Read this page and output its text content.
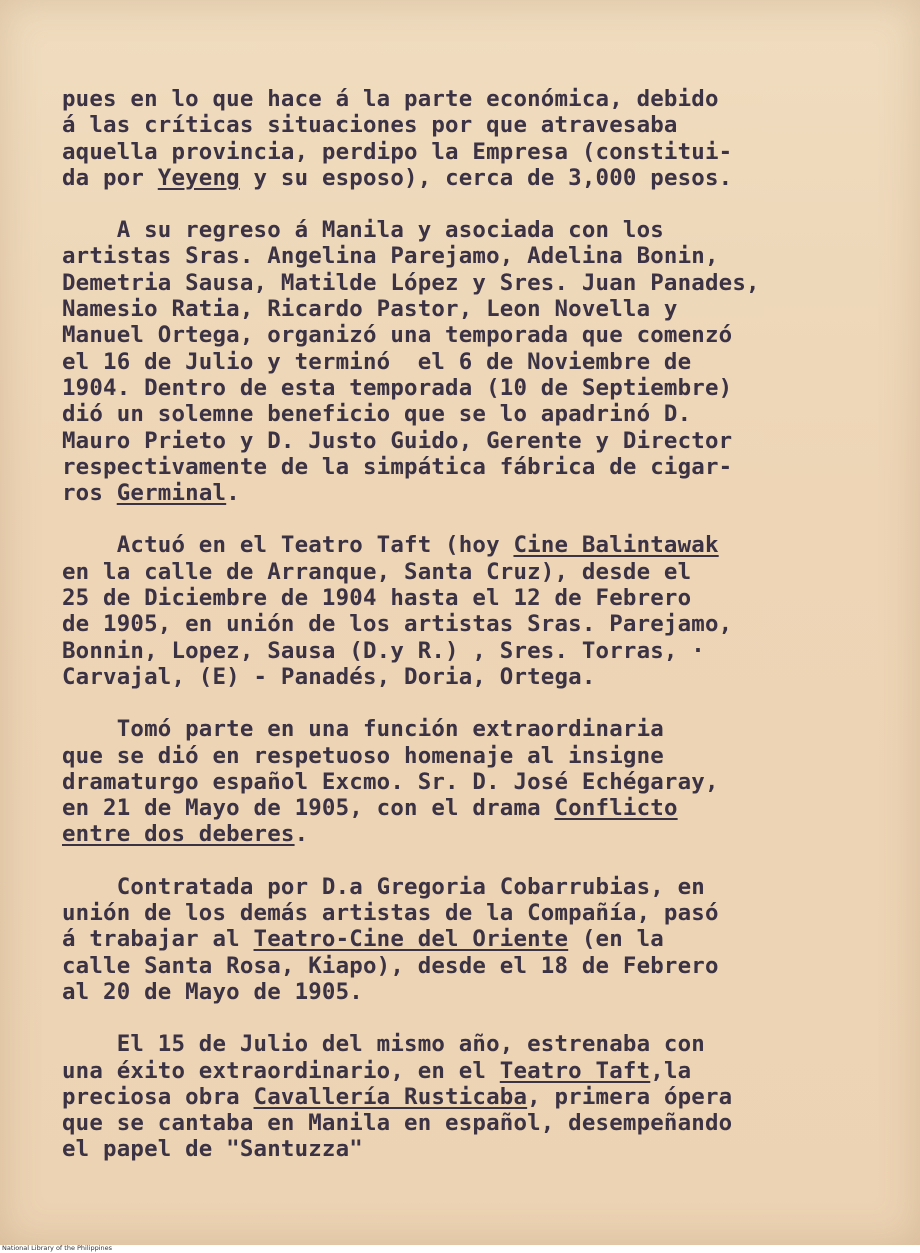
pues en lo que hace á la parte económica, debido
á las críticas situaciones por que atravesaba
aquella provincia, perdipo la Empresa (constitui-
da por Yeyeng y su esposo), cerca de 3,000 pesos.
A su regreso á Manila y asociada con los
artistas Sras. Angelina Parejamo, Adelina Bonin,
Demetria Sausa, Matilde López y Sres. Juan Panades,
Namesio Ratia, Ricardo Pastor, Leon Novella y
Manuel Ortega, organizó una temporada que comenzó
el 16 de Julio y terminó  el 6 de Noviembre de
1904. Dentro de esta temporada (10 de Septiembre)
dió un solemne beneficio que se lo apadrinó D.
Mauro Prieto y D. Justo Guido, Gerente y Director
respectivamente de la simpática fábrica de cigar-
ros Germinal.
Actuó en el Teatro Taft (hoy Cine Balintawak
en la calle de Arranque, Santa Cruz), desde el
25 de Diciembre de 1904 hasta el 12 de Febrero
de 1905, en unión de los artistas Sras. Parejamo,
Bonnin, Lopez, Sausa (D.y R.) , Sres. Torras, ·
Carvajal, (E) - Panadés, Doria, Ortega.
Tomó parte en una función extraordinaria
que se dió en respetuoso homenaje al insigne
dramaturgo español Excmo. Sr. D. José Echégaray,
en 21 de Mayo de 1905, con el drama Conflicto
entre dos deberes.
Contratada por D.a Gregoria Cobarrubias, en
unión de los demás artistas de la Compañía, pasó
á trabajar al Teatro-Cine del Oriente (en la
calle Santa Rosa, Kiapo), desde el 18 de Febrero
al 20 de Mayo de 1905.
El 15 de Julio del mismo año, estrenaba con
una éxito extraordinario, en el Teatro Taft,la
preciosa obra Cavallería Rusticaba, primera ópera
que se cantaba en Manila en español, desempeñando
el papel de "Santuzza"
National Library of the Philippines
